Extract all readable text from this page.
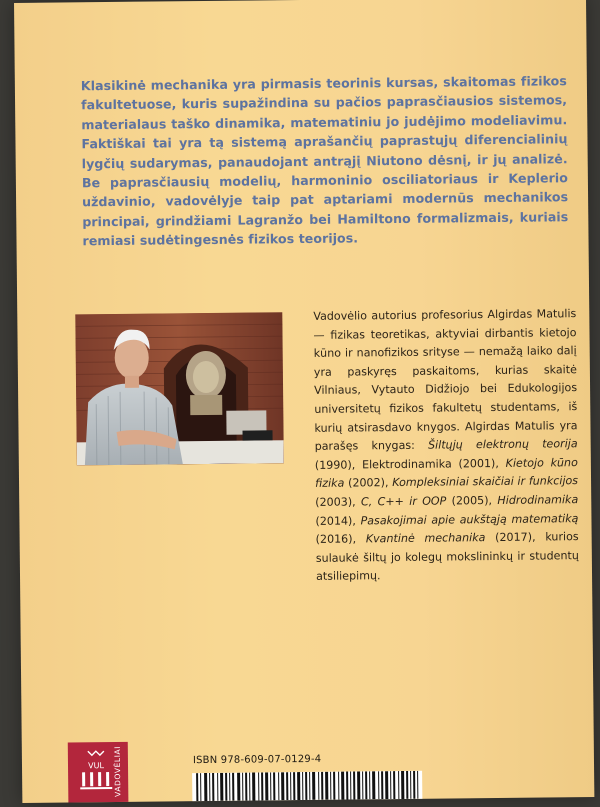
Klasikinė mechanika yra pirmasis teorinis kursas, skaitomas fizikos fakultetuose, kuris supažindina su pačios paprasčiausios sistemos, materialaus taško dinamika, matematiniu jo judėjimo modeliavimu. Faktiškai tai yra tą sistemą aprašančių paprastųjų diferencialinių lygčių sudarymas, panaudojant antrąjį Niutono dėsnį, ir jų analizė. Be paprasčiausių modelių, harmoninio osciliatoriaus ir Keplerio uždavinio, vadovėlyje taip pat aptariami modernūs mechanikos principai, grindžiami Lagranžo bei Hamiltono formalizmais, kuriais remiasi sudėtingesnės fizikos teorijos.
Vadovėlio autorius profesorius Algirdas Matulis — fizikas teoretikas, aktyviai dirbantis kietojo kūno ir nanofizikos srityse — nemažą laiko dalį yra paskyręs paskaitoms, kurias skaitė Vilniaus, Vytauto Didžiojo bei Edukologijos universitetų fizikos fakultetų studentams, iš kurių atsirasdavo knygos. Algirdas Matulis yra parašęs knygas: Šiltųjų elektronų teorija (1990), Elektrodinamika (2001), Kietojo kūno fizika (2002), Kompleksiniai skaičiai ir funkcijos (2003), C, C++ ir OOP (2005), Hidrodinamika (2014), Pasakojimai apie aukštąją matematiką (2016), Kvantinė mechanika (2017), kurios sulaukė šiltų jo kolegų mokslininkų ir studentų atsiliepimų.
VUL VADOVĖLIAI	ISBN 978-609-07-0129-4
